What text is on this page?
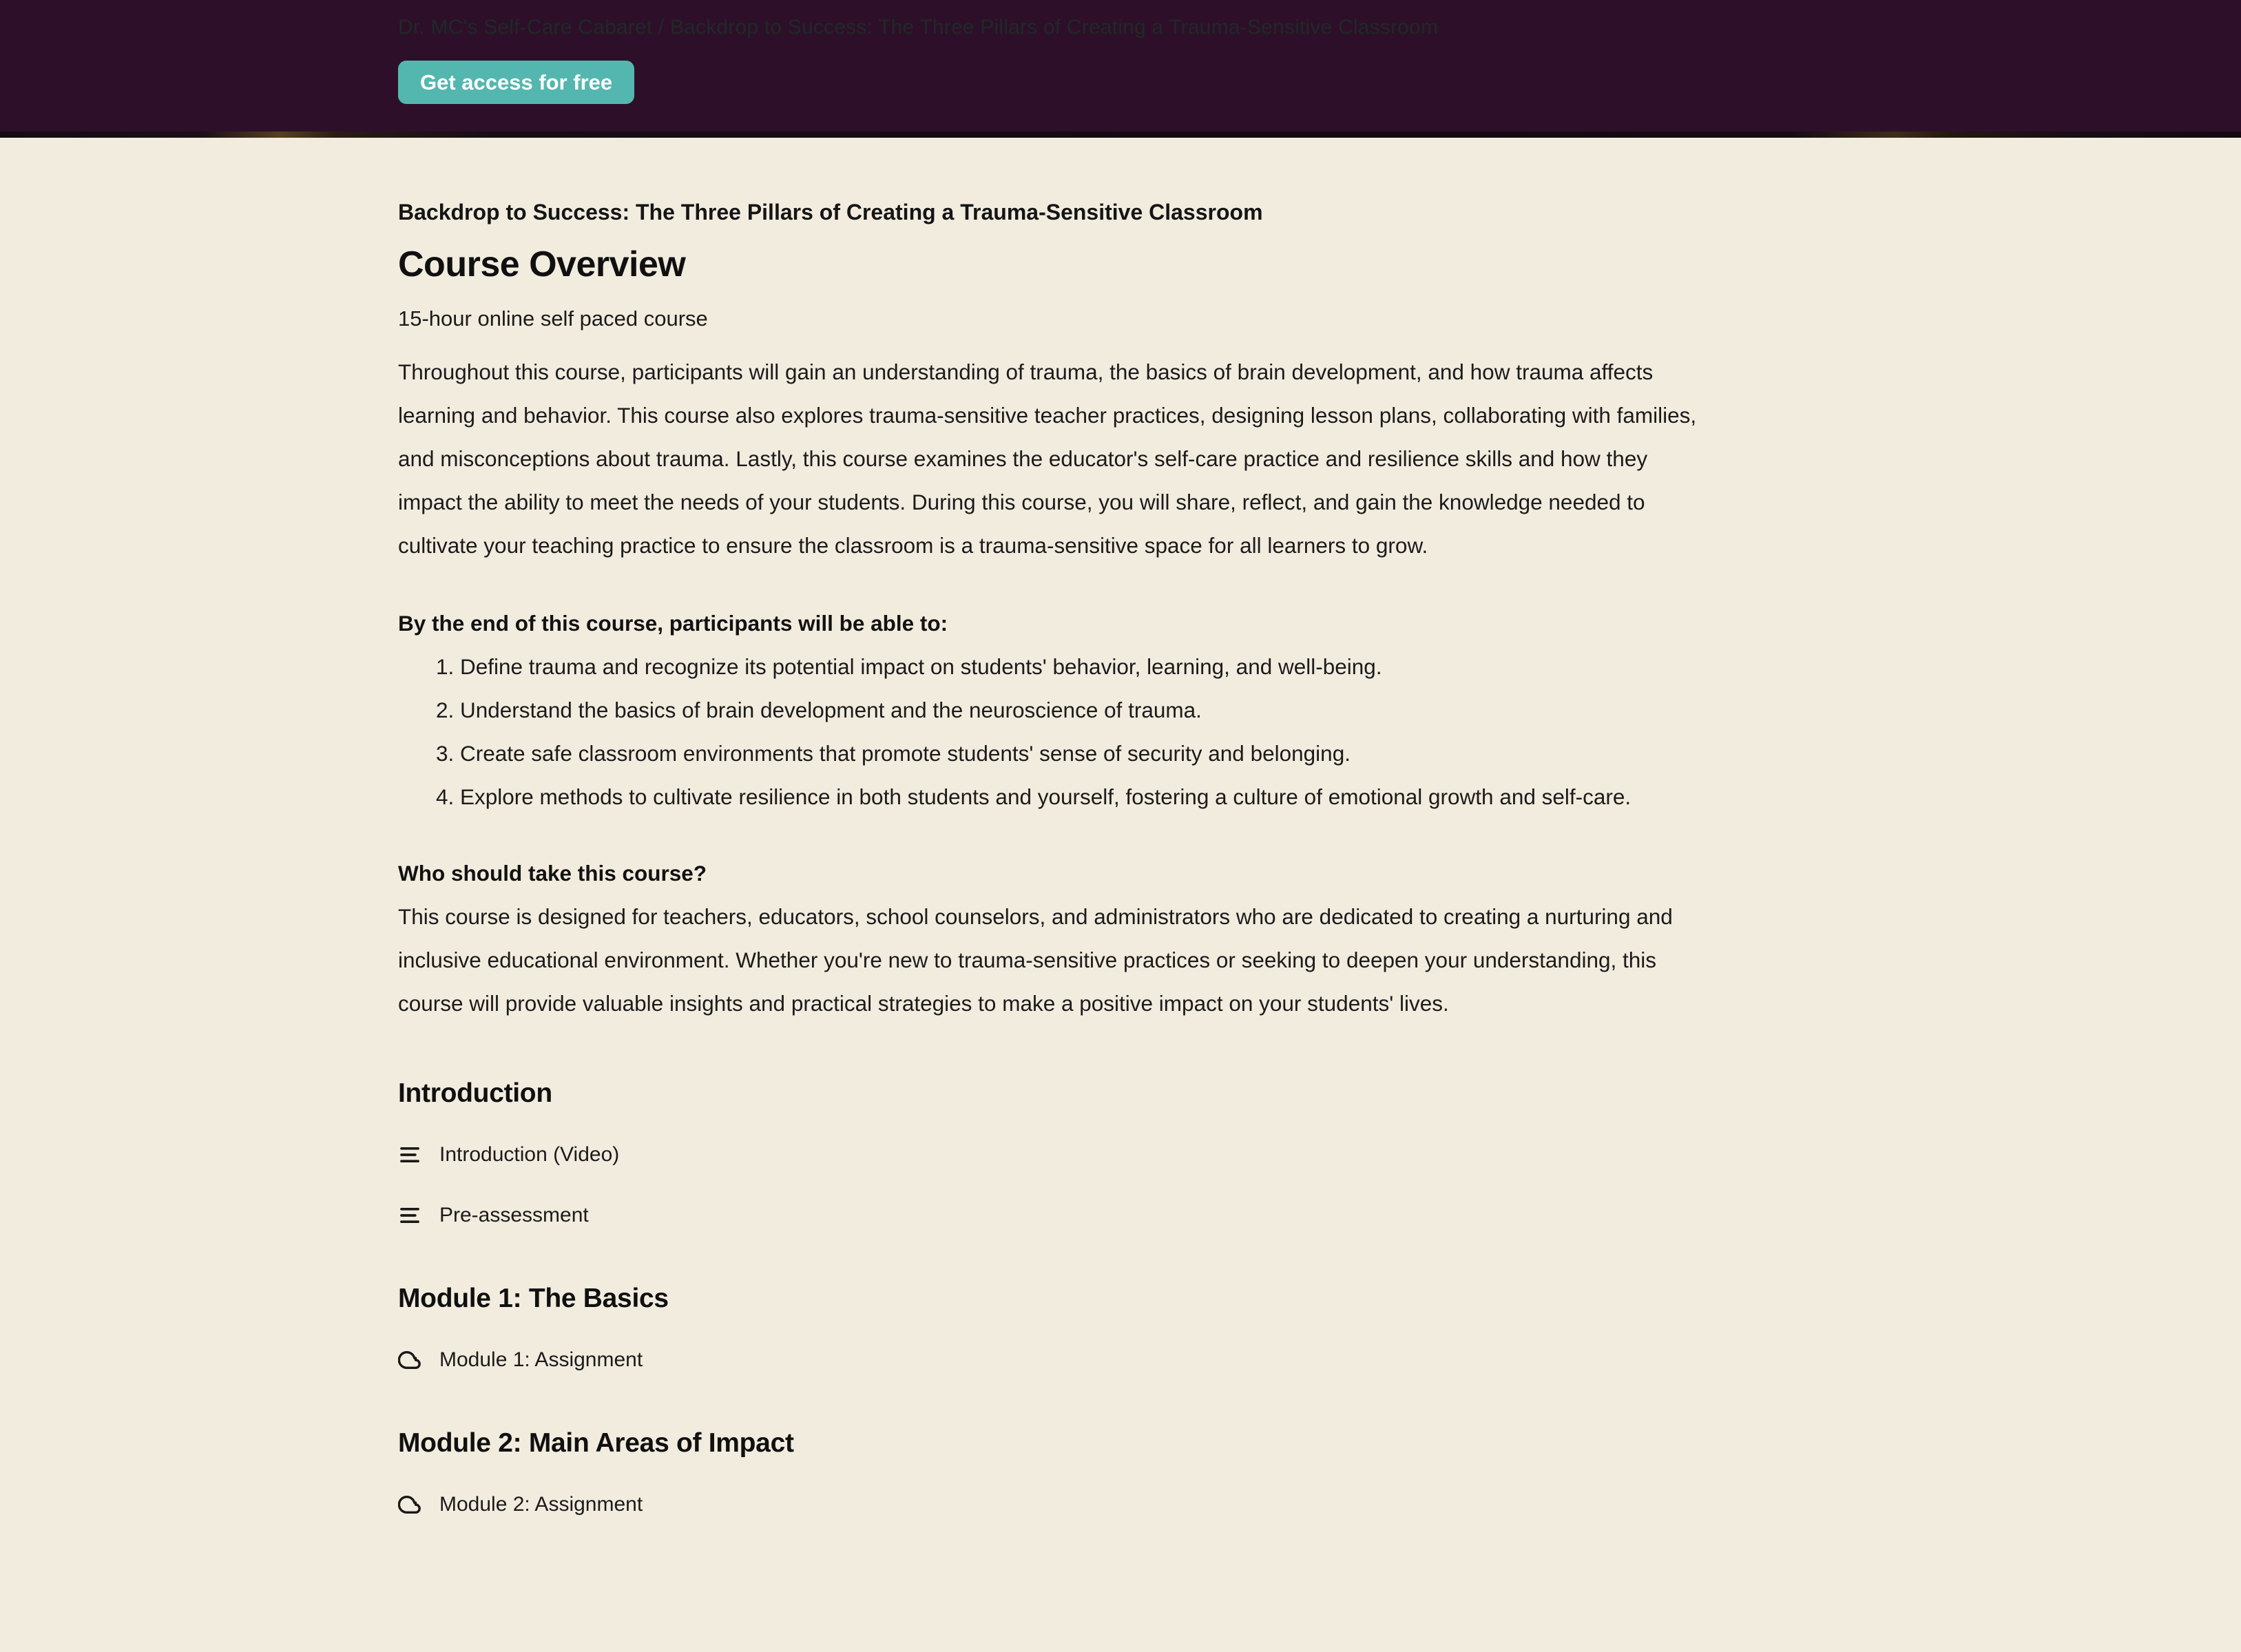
Dr. MC's Self-Care Cabaret / Backdrop to Success: The Three Pillars of Creating a Trauma-Sensitive Classroom
Get access for free
Backdrop to Success: The Three Pillars of Creating a Trauma-Sensitive Classroom
Course Overview
15-hour online self paced course

Throughout this course, participants will gain an understanding of trauma, the basics of brain development, and how trauma affects learning and behavior. This course also explores trauma-sensitive teacher practices, designing lesson plans, collaborating with families, and misconceptions about trauma. Lastly, this course examines the educator's self-care practice and resilience skills and how they impact the ability to meet the needs of your students. During this course, you will share, reflect, and gain the knowledge needed to cultivate your teaching practice to ensure the classroom is a trauma-sensitive space for all learners to grow.

By the end of this course, participants will be able to:
1. Define trauma and recognize its potential impact on students' behavior, learning, and well-being.
2. Understand the basics of brain development and the neuroscience of trauma.
3. Create safe classroom environments that promote students' sense of security and belonging.
4. Explore methods to cultivate resilience in both students and yourself, fostering a culture of emotional growth and self-care.
Who should take this course?

This course is designed for teachers, educators, school counselors, and administrators who are dedicated to creating a nurturing and inclusive educational environment. Whether you're new to trauma-sensitive practices or seeking to deepen your understanding, this course will provide valuable insights and practical strategies to make a positive impact on your students' lives.

Introduction
Introduction (Video)
Pre-assessment
Module 1: The Basics
Module 1: Assignment
Module 2: Main Areas of Impact
Module 2: Assignment
